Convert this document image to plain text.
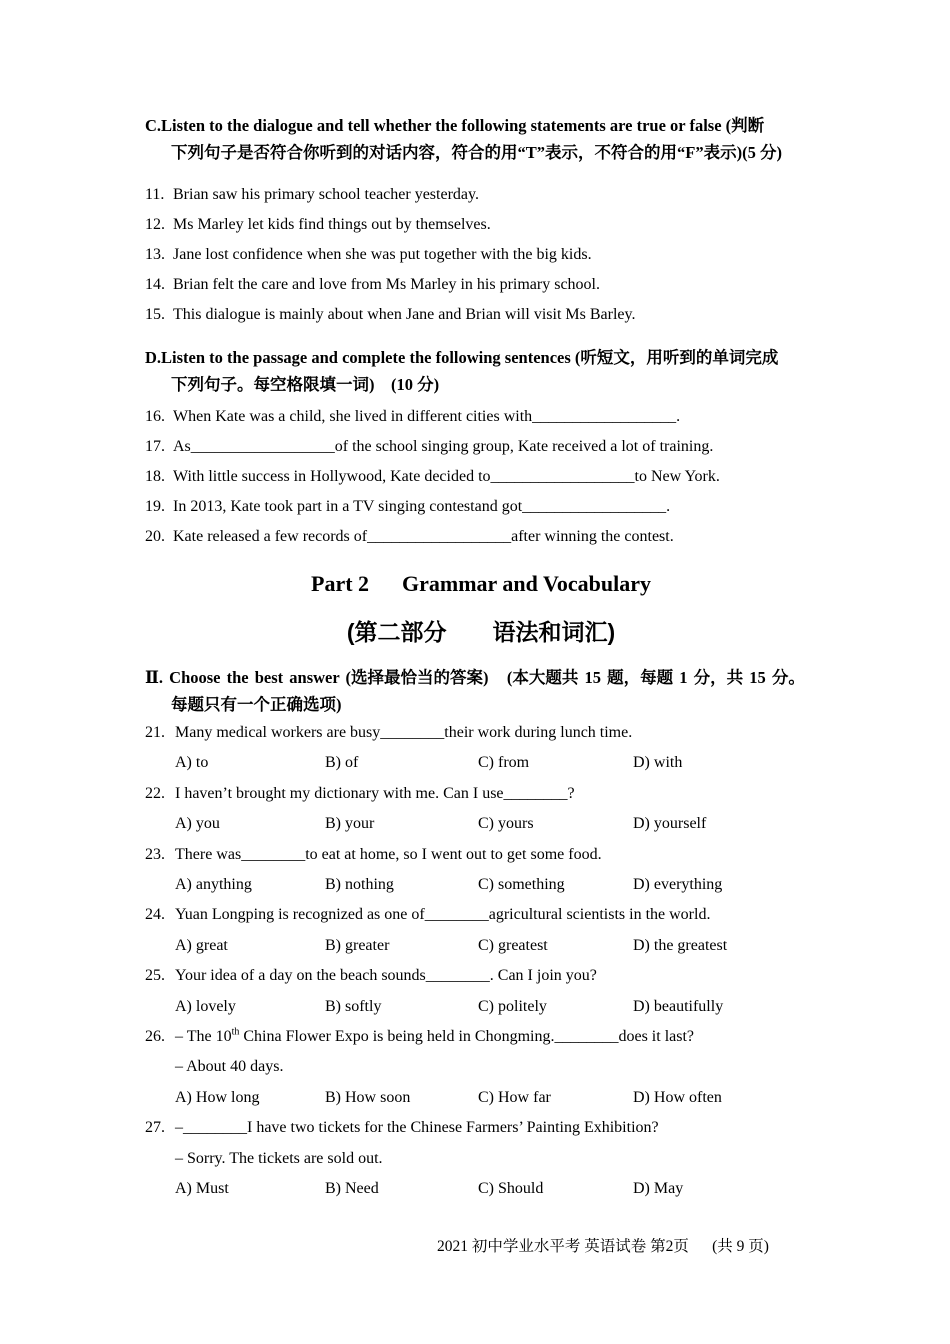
C.Listen to the dialogue and tell whether the following statements are true or false (判断
下列句子是否符合你听到的对话内容，符合的用“T”表示，不符合的用“F”表示)(5 分)
11. Brian saw his primary school teacher yesterday.
12. Ms Marley let kids find things out by themselves.
13. Jane lost confidence when she was put together with the big kids.
14. Brian felt the care and love from Ms Marley in his primary school.
15. This dialogue is mainly about when Jane and Brian will visit Ms Barley.
D.Listen to the passage and complete the following sentences (听短文，用听到的单词完成
下列句子。每空格限填一词)    (10 分)
16. When Kate was a child, she lived in different cities with__________________.
17. As__________________of the school singing group, Kate received a lot of training.
18. With little success in Hollywood, Kate decided to__________________to New York.
19. In 2013, Kate took part in a TV singing contestand got__________________.
20. Kate released a few records of__________________after winning the contest.
Part 2      Grammar and Vocabulary
(第二部分　　语法和词汇)
Ⅱ. Choose the best answer (选择最恰当的答案)   (本大题共 15 题，每题 1 分，共 15 分。
每题只有一个正确选项)
21. Many medical workers are busy________their work during lunch time.
A) to	B) of	C) from	D) with
22. I haven’t brought my dictionary with me. Can I use________?
A) you	B) your	C) yours	D) yourself
23. There was________to eat at home, so I went out to get some food.
A) anything	B) nothing	C) something	D) everything
24. Yuan Longping is recognized as one of________agricultural scientists in the world.
A) great	B) greater	C) greatest	D) the greatest
25. Your idea of a day on the beach sounds________. Can I join you?
A) lovely	B) softly	C) politely	D) beautifully
26. – The 10th China Flower Expo is being held in Chongming.________does it last?
– About 40 days.
A) How long	B) How soon	C) How far	D) How often
27. –________I have two tickets for the Chinese Farmers’ Painting Exhibition?
– Sorry. The tickets are sold out.
A) Must	B) Need	C) Should	D) May
2021 初中学业水平考 英语试卷 第2页      (共 9 页)
